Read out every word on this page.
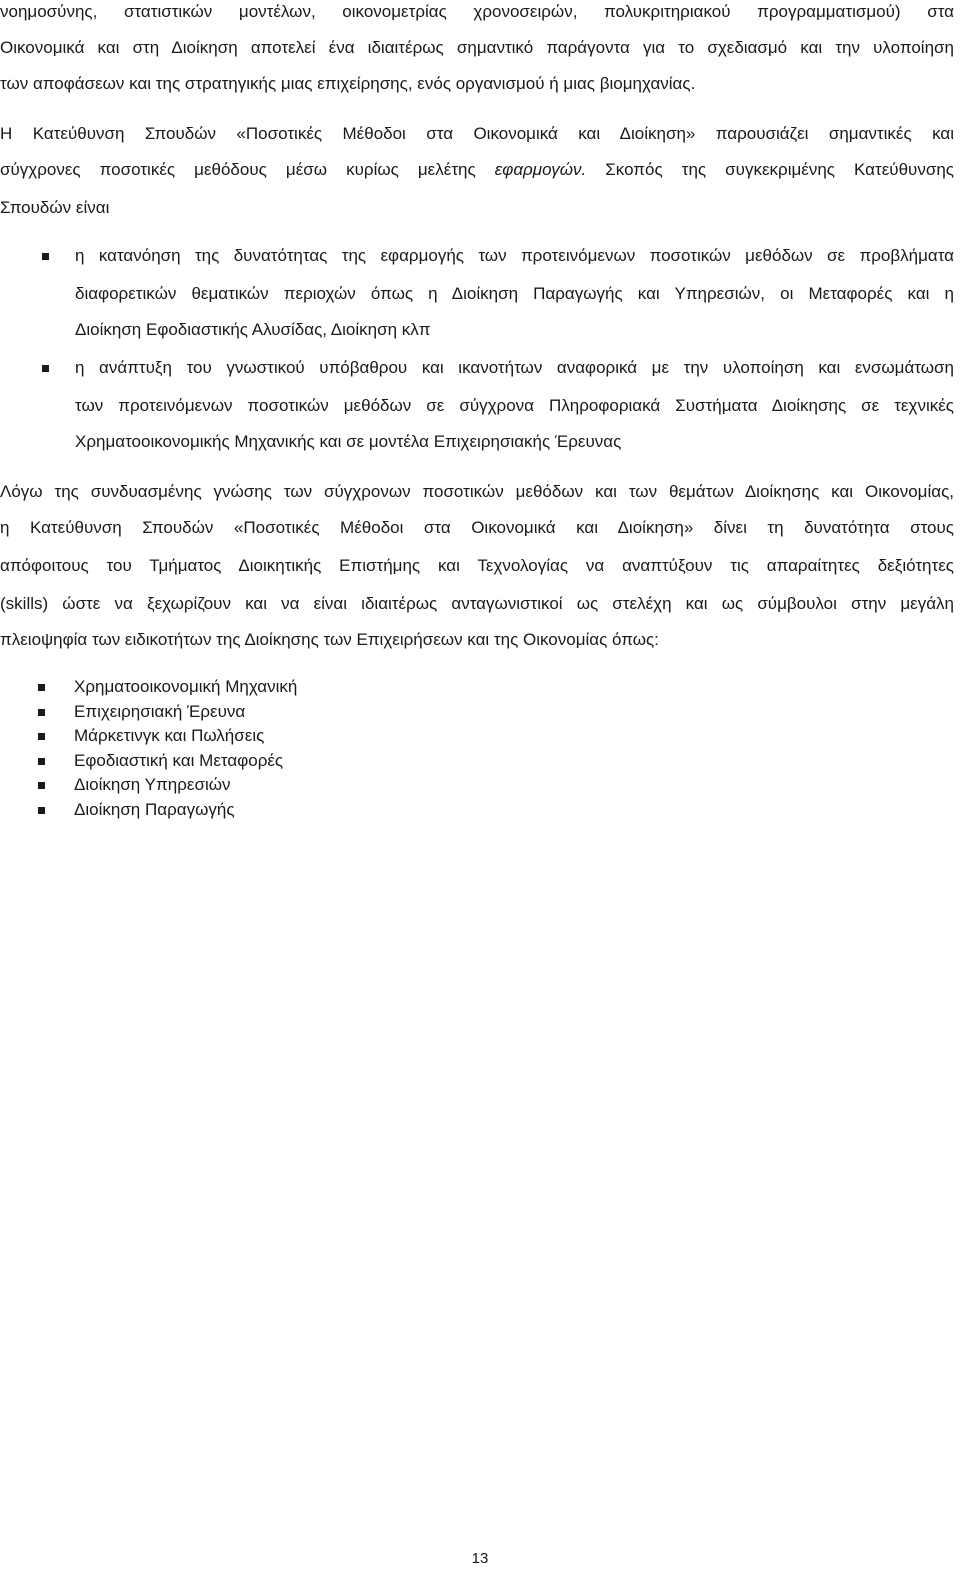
νοημοσύνης, στατιστικών μοντέλων, οικονομετρίας χρονοσειρών, πολυκριτηριακού προγραμματισμού) στα
Οικονομικά και στη Διοίκηση αποτελεί ένα ιδιαιτέρως σημαντικό παράγοντα για το σχεδιασμό και την υλοποίηση
των αποφάσεων και της στρατηγικής μιας επιχείρησης, ενός οργανισμού ή μιας βιομηχανίας.
Η Κατεύθυνση Σπουδών «Ποσοτικές Μέθοδοι στα Οικονομικά και Διοίκηση» παρουσιάζει σημαντικές και
σύγχρονες ποσοτικές μεθόδους μέσω κυρίως μελέτης εφαρμογών. Σκοπός της συγκεκριμένης Κατεύθυνσης
Σπουδών είναι
η κατανόηση της δυνατότητας της εφαρμογής των προτεινόμενων ποσοτικών μεθόδων σε προβλήματα
διαφορετικών θεματικών περιοχών όπως η Διοίκηση Παραγωγής και Υπηρεσιών, οι Μεταφορές και η
Διοίκηση Εφοδιαστικής Αλυσίδας, Διοίκηση κλπ
η ανάπτυξη του γνωστικού υπόβαθρου και ικανοτήτων αναφορικά με την υλοποίηση και ενσωμάτωση
των προτεινόμενων ποσοτικών μεθόδων σε σύγχρονα Πληροφοριακά Συστήματα Διοίκησης σε τεχνικές
Χρηματοοικονομικής Μηχανικής και σε μοντέλα Επιχειρησιακής Έρευνας
Λόγω της συνδυασμένης γνώσης των σύγχρονων ποσοτικών μεθόδων και των θεμάτων Διοίκησης και Οικονομίας,
η Κατεύθυνση Σπουδών «Ποσοτικές Μέθοδοι στα Οικονομικά και Διοίκηση» δίνει τη δυνατότητα στους
απόφοιτους του Τμήματος Διοικητικής Επιστήμης και Τεχνολογίας να αναπτύξουν τις απαραίτητες δεξιότητες
(skills) ώστε να ξεχωρίζουν και να είναι ιδιαιτέρως ανταγωνιστικοί ως στελέχη και ως σύμβουλοι στην μεγάλη
πλειοψηφία των ειδικοτήτων της Διοίκησης των Επιχειρήσεων και της Οικονομίας όπως:
Χρηματοοικονομική Μηχανική
Επιχειρησιακή Έρευνα
Μάρκετινγκ και Πωλήσεις
Εφοδιαστική και Μεταφορές
Διοίκηση Υπηρεσιών
Διοίκηση Παραγωγής
13
